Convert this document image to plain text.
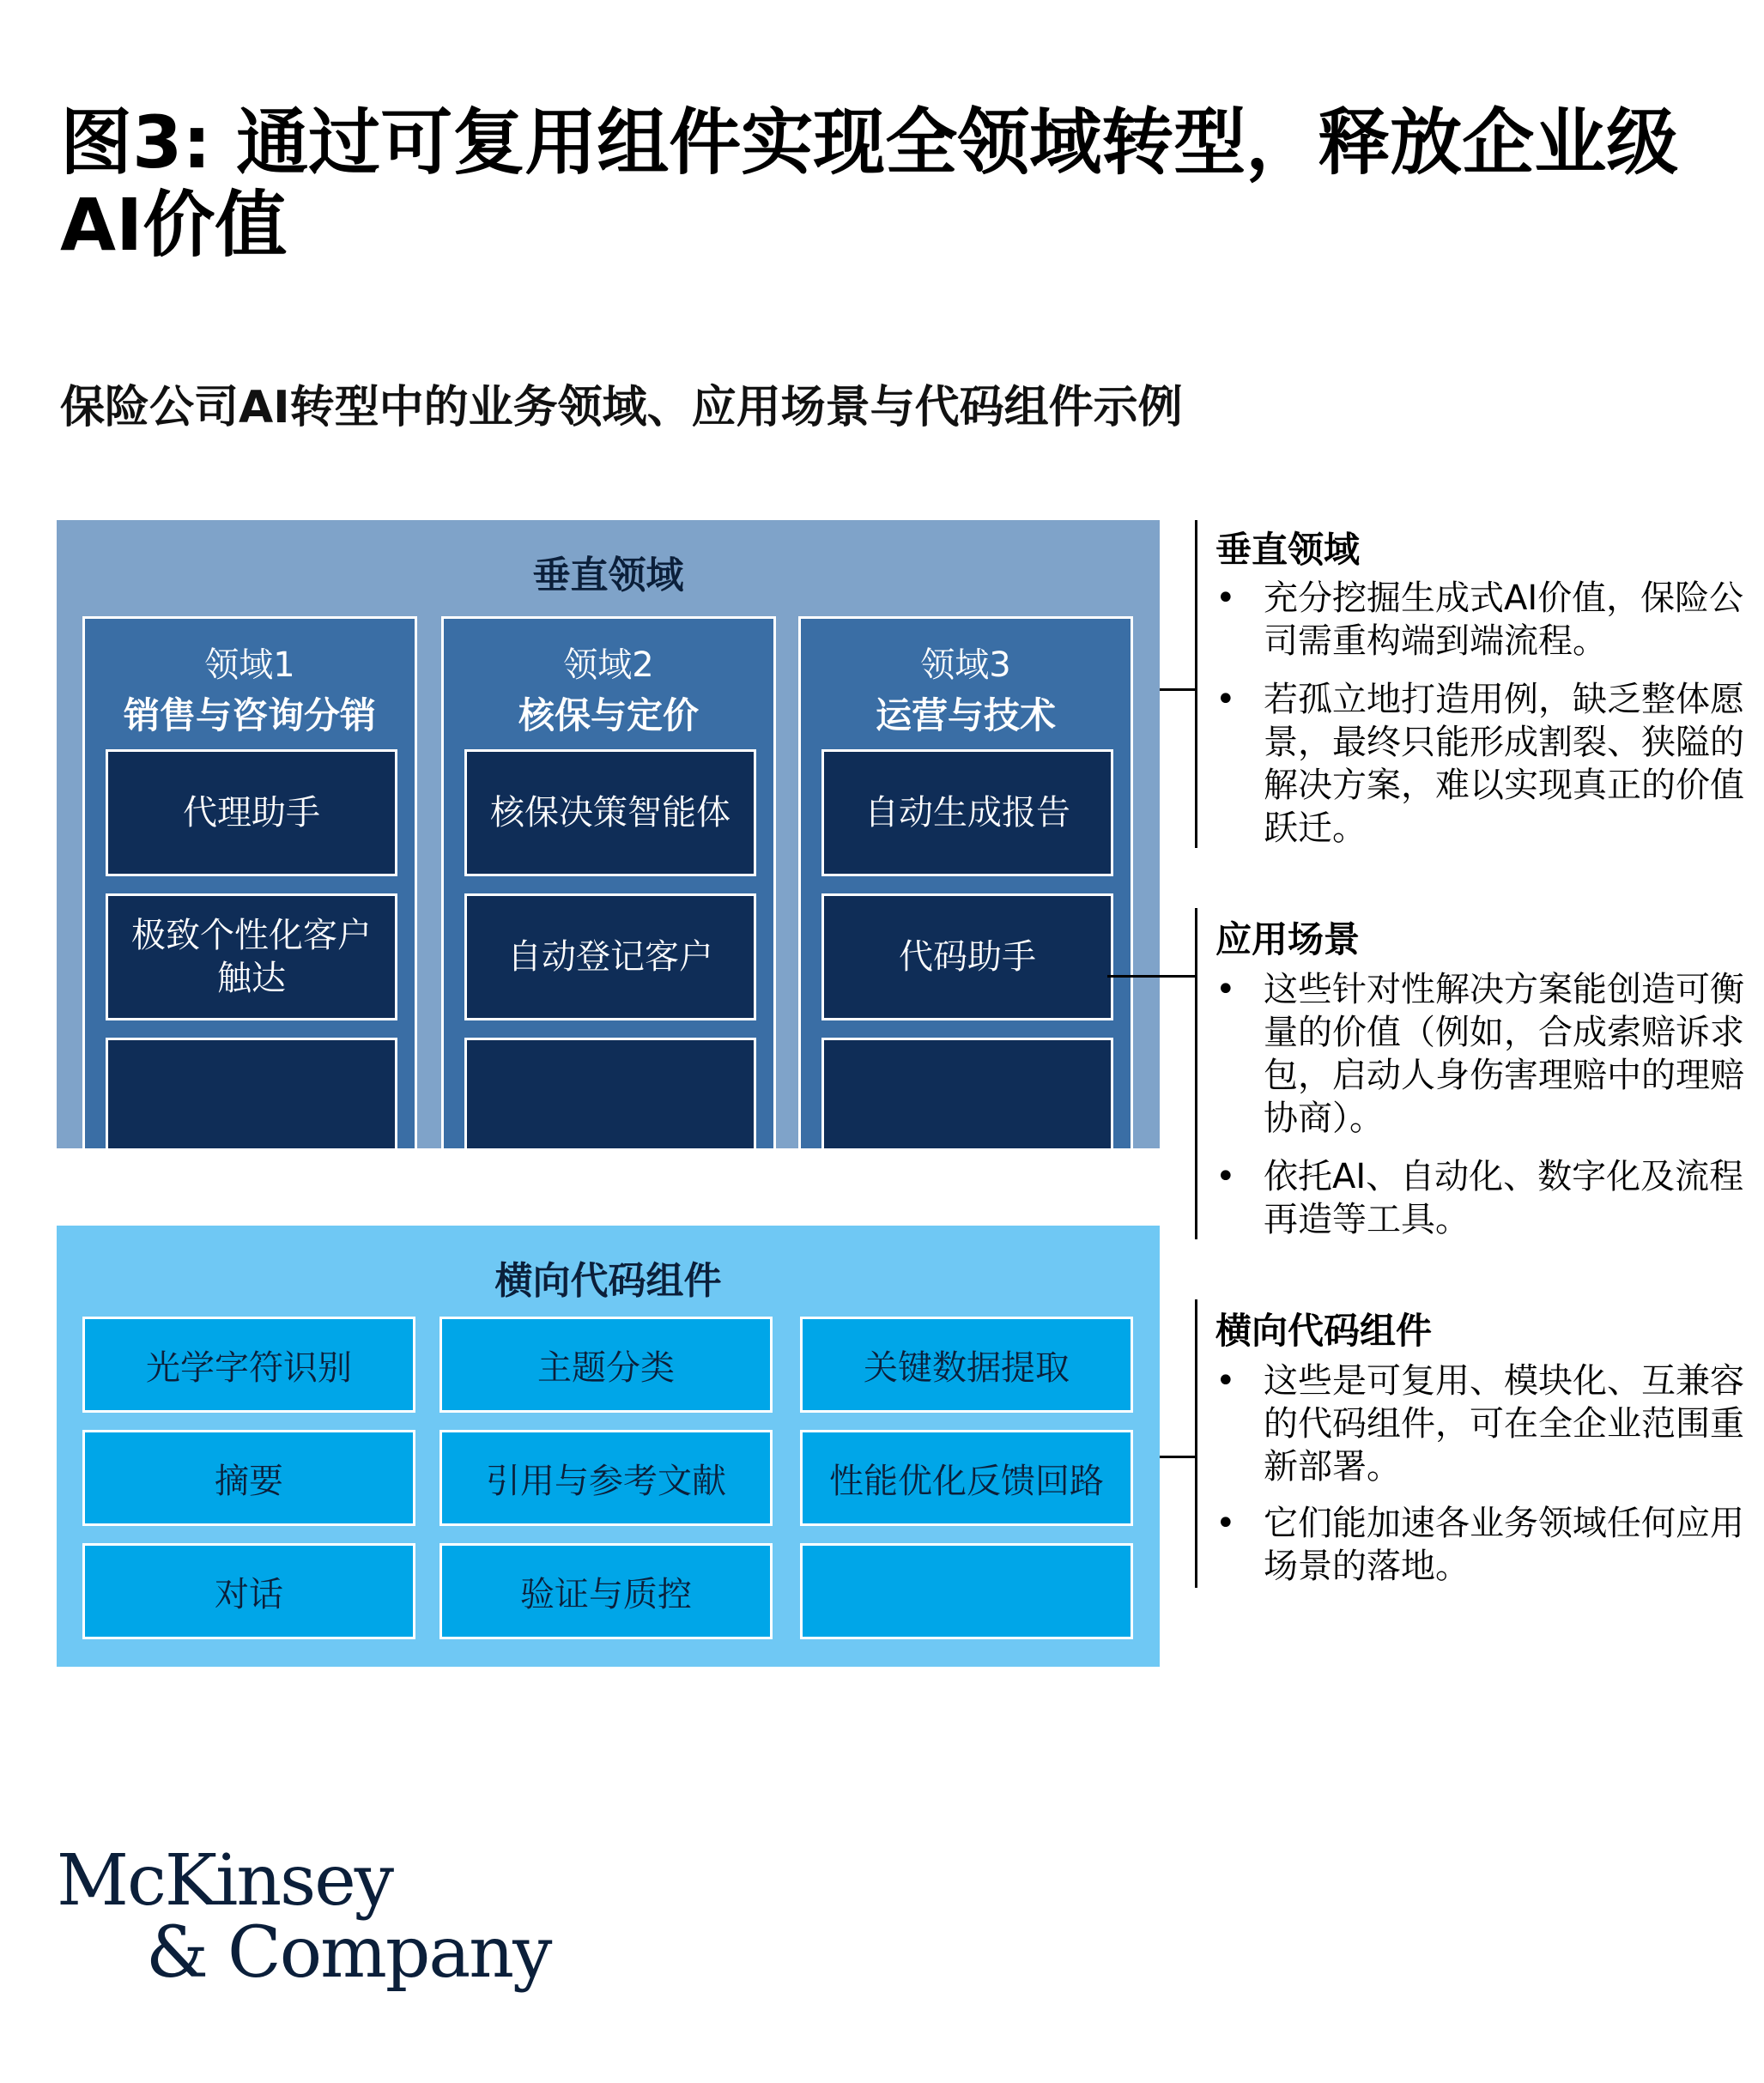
图3: 通过可复用组件实现全领域转型，释放企业级AI价值
保险公司AI转型中的业务领域、应用场景与代码组件示例
垂直领域
领域1
销售与咨询分销
代理助手
极致个性化客户触达
领域2
核保与定价
核保决策智能体
自动登记客户
领域3
运营与技术
自动生成报告
代码助手
横向代码组件
光学字符识别	主题分类	关键数据提取
摘要	引用与参考文献	性能优化反馈回路
对话	验证与质控
垂直领域
• 充分挖掘生成式AI价值，保险公司需重构端到端流程。
• 若孤立地打造用例，缺乏整体愿景，最终只能形成割裂、狭隘的解决方案，难以实现真正的价值跃迁。
应用场景
• 这些针对性解决方案能创造可衡量的价值（例如，合成索赔诉求包，启动人身伤害理赔中的理赔协商）。
• 依托AI、自动化、数字化及流程再造等工具。
横向代码组件
• 这些是可复用、模块化、互兼容的代码组件，可在全企业范围重新部署。
• 它们能加速各业务领域任何应用场景的落地。
McKinsey
& Company
